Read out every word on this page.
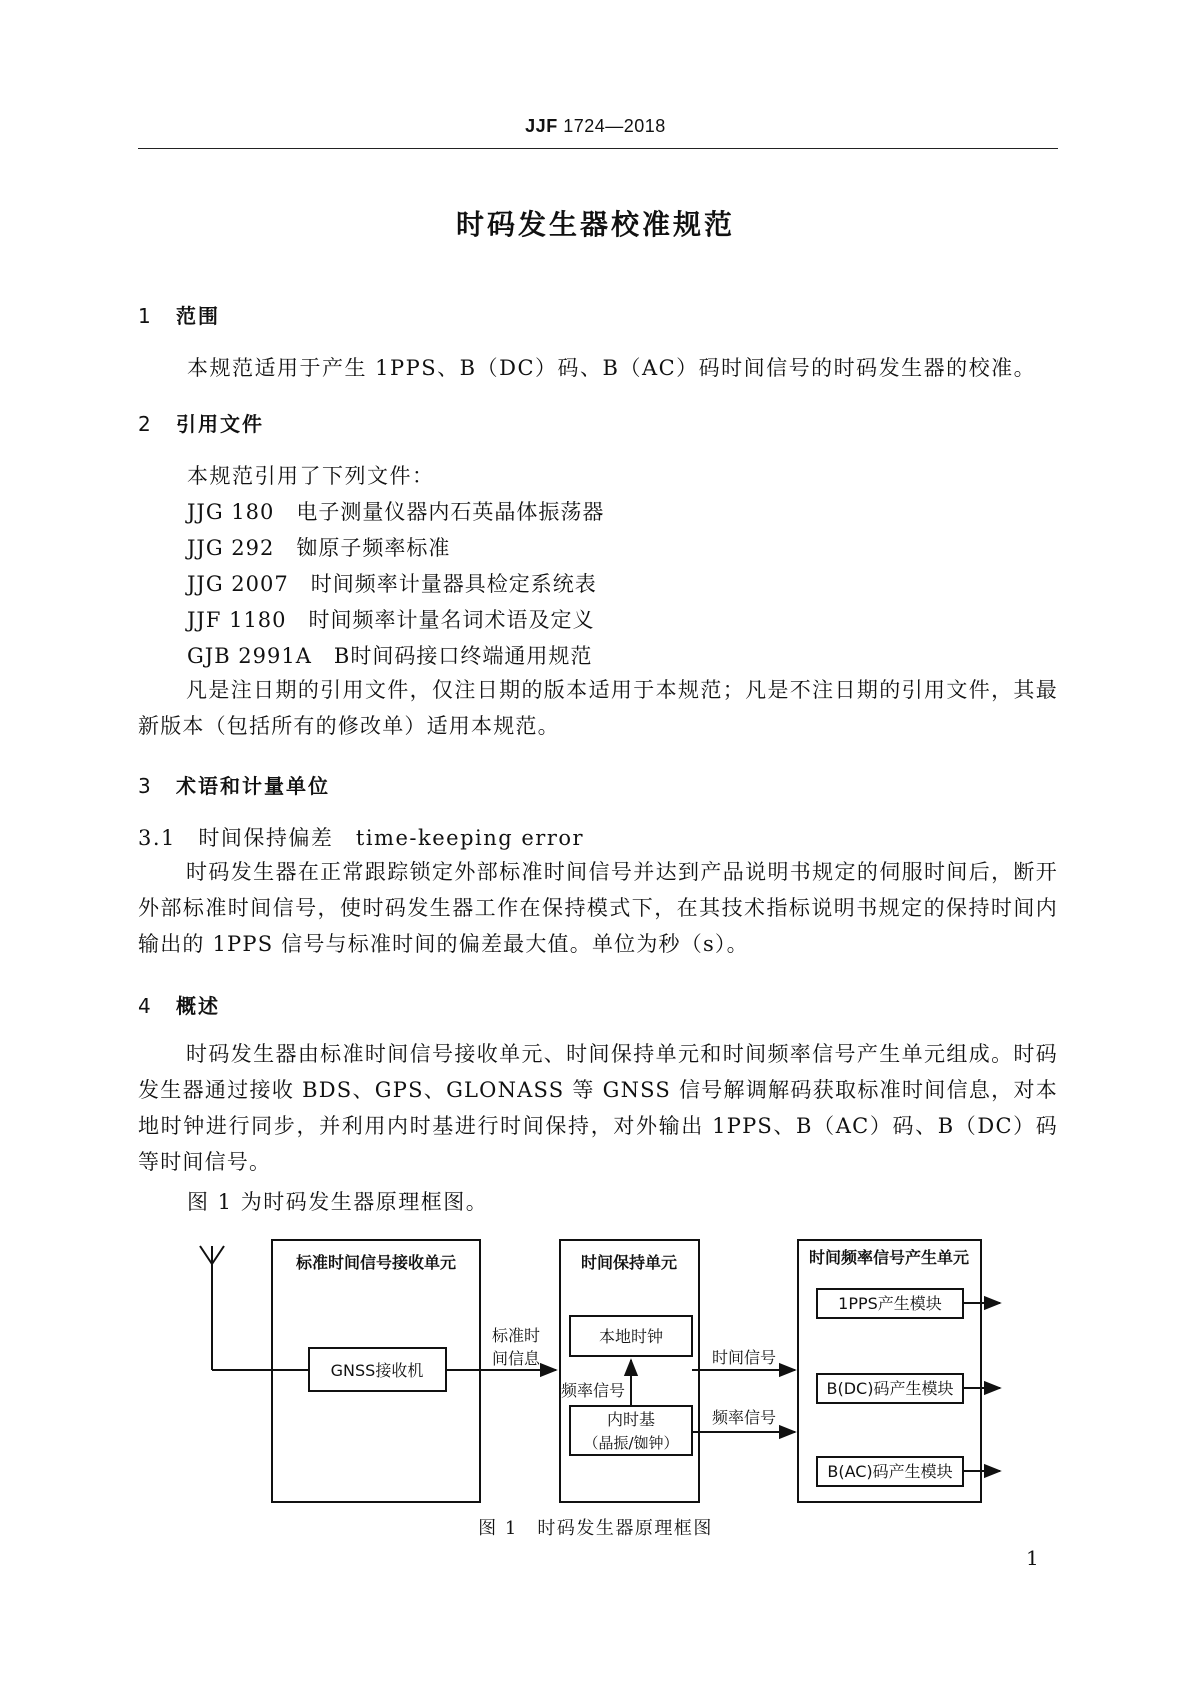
JJF 1724—2018
时码发生器校准规范
1 范围
本规范适用于产生 1PPS、B（DC）码、B（AC）码时间信号的时码发生器的校准。
2 引用文件
本规范引用了下列文件：
JJG 180　 电子测量仪器内石英晶体振荡器
JJG 292　 铷原子频率标准
JJG 2007　 时间频率计量器具检定系统表
JJF 1180　 时间频率计量名词术语及定义
GJB 2991A　 B时间码接口终端通用规范
凡是注日期的引用文件，仅注日期的版本适用于本规范；凡是不注日期的引用文件，其最新版本（包括所有的修改单）适用本规范。
3 术语和计量单位
3.1　 时间保持偏差　 time-keeping error
时码发生器在正常跟踪锁定外部标准时间信号并达到产品说明书规定的伺服时间后，断开外部标准时间信号，使时码发生器工作在保持模式下，在其技术指标说明书规定的保持时间内输出的 1PPS 信号与标准时间的偏差最大值。单位为秒（s）。
4 概述
时码发生器由标准时间信号接收单元、时间保持单元和时间频率信号产生单元组成。时码发生器通过接收 BDS、GPS、GLONASS 等 GNSS 信号解调解码获取标准时间信息，对本地时钟进行同步，并利用内时基进行时间保持，对外输出 1PPS、B（AC）码、B（DC）码等时间信号。
图 1 为时码发生器原理框图。
标准时间信号接收单元
GNSS接收机
标准时
间信息
时间保持单元
本地时钟
频率信号
内时基
（晶振/铷钟）
时间信号
频率信号
时间频率信号产生单元
1PPS产生模块
B(DC)码产生模块
B(AC)码产生模块
图 1　 时码发生器原理框图
1
